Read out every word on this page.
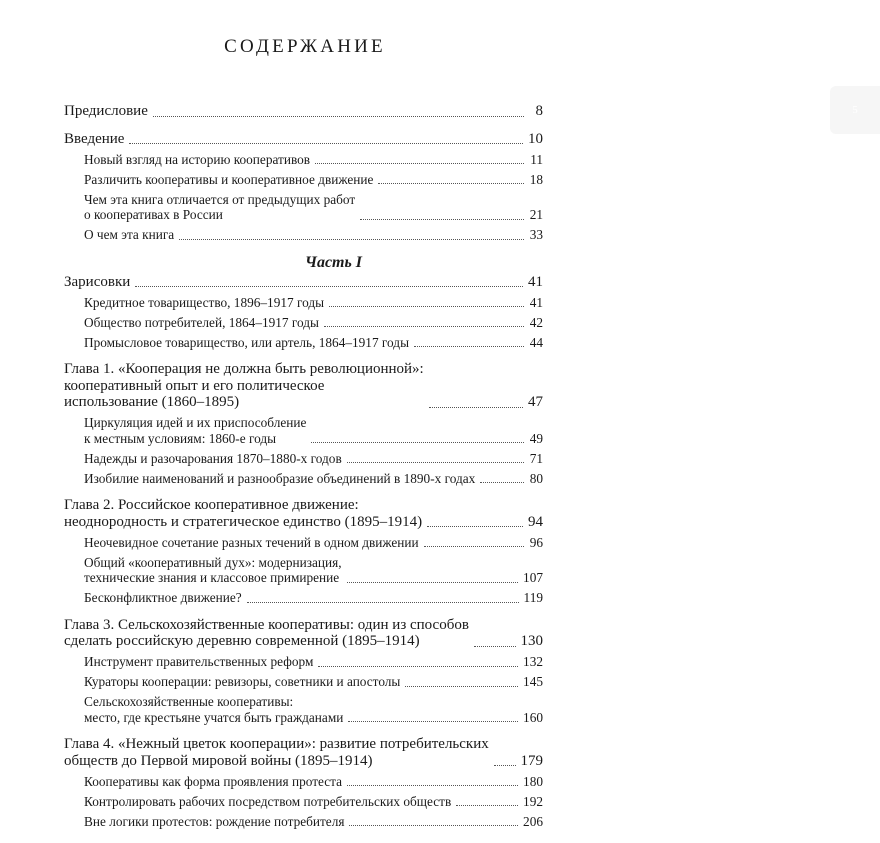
СОДЕРЖАНИЕ
5
Предисловие	8
Введение	10
Новый взгляд на историю кооперативов	11
Различить кооперативы и кооперативное движение	18
Чем эта книга отличается от предыдущих работ
о кооперативах в России	21
О чем эта книга	33
Часть I
Зарисовки	41
Кредитное товарищество, 1896–1917 годы	41
Общество потребителей, 1864–1917 годы	42
Промысловое товарищество, или артель, 1864–1917 годы	44
Глава 1. «Кооперация не должна быть революционной»:
кооперативный опыт и его политическое
использование (1860–1895)	47
Циркуляция идей и их приспособление
к местным условиям: 1860-е годы	49
Надежды и разочарования 1870–1880-х годов	71
Изобилие наименований и разнообразие объединений в 1890-х годах	80
Глава 2. Российское кооперативное движение:
неоднородность и стратегическое единство (1895–1914)	94
Неочевидное сочетание разных течений в одном движении	96
Общий «кооперативный дух»: модернизация,
технические знания и классовое примирение	107
Бесконфликтное движение?	119
Глава 3. Сельскохозяйственные кооперативы: один из способов
сделать российскую деревню современной (1895–1914)	130
Инструмент правительственных реформ	132
Кураторы кооперации: ревизоры, советники и апостолы	145
Сельскохозяйственные кооперативы:
место, где крестьяне учатся быть гражданами	160
Глава 4. «Нежный цветок кооперации»: развитие потребительских
обществ до Первой мировой войны (1895–1914)	179
Кооперативы как форма проявления протеста	180
Контролировать рабочих посредством потребительских обществ	192
Вне логики протестов: рождение потребителя	206
